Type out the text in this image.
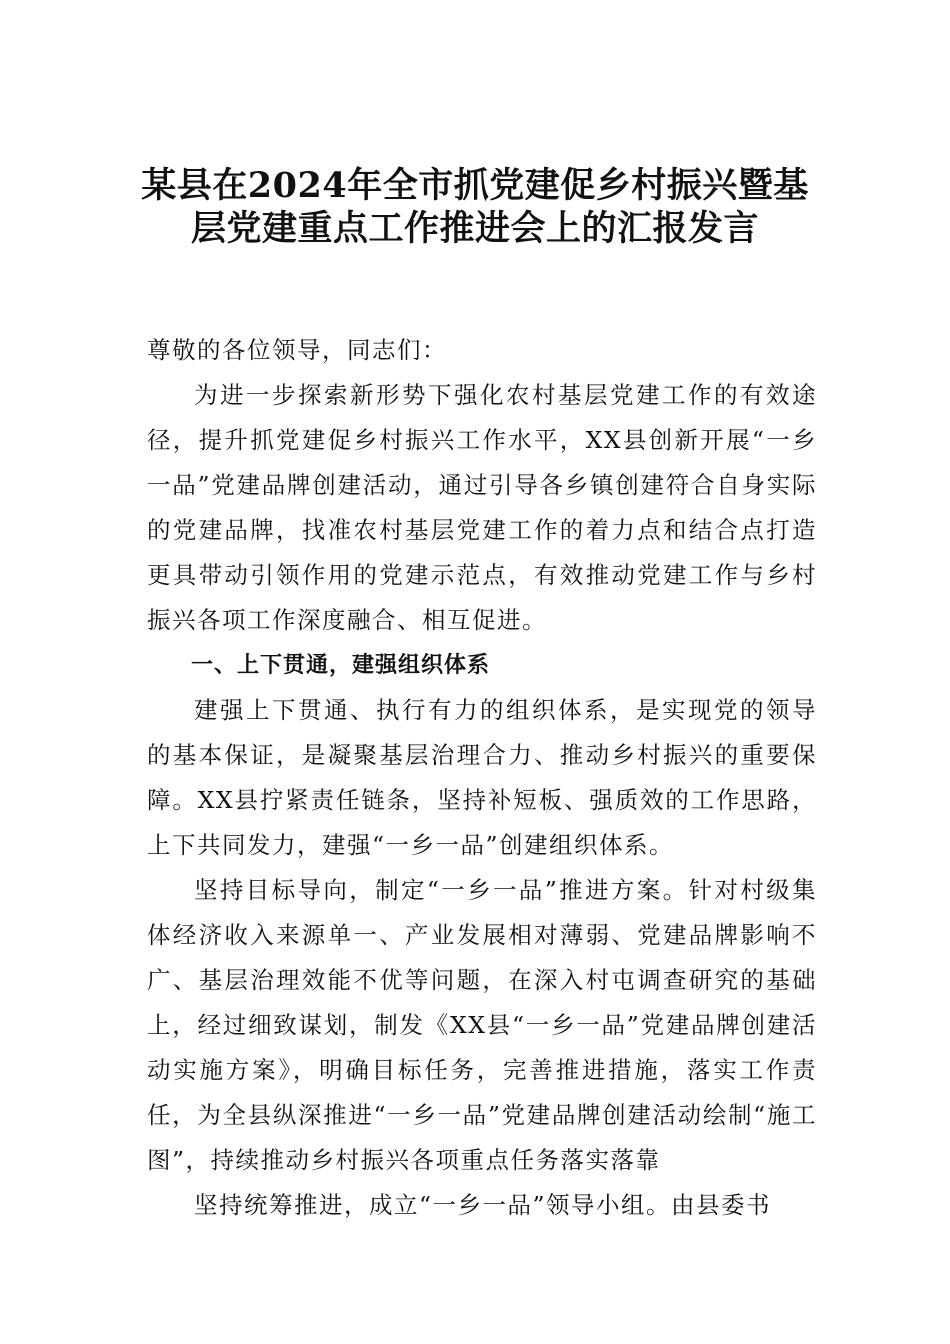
某县在2024年全市抓党建促乡村振兴暨基
层党建重点工作推进会上的汇报发言

尊敬的各位领导，同志们：

为进一步探索新形势下强化农村基层党建工作的有效途径，提升抓党建促乡村振兴工作水平，XX县创新开展“一乡一品”党建品牌创建活动，通过引导各乡镇创建符合自身实际的党建品牌，找准农村基层党建工作的着力点和结合点打造更具带动引领作用的党建示范点，有效推动党建工作与乡村振兴各项工作深度融合、相互促进。

一、上下贯通，建强组织体系

建强上下贯通、执行有力的组织体系，是实现党的领导的基本保证，是凝聚基层治理合力、推动乡村振兴的重要保障。XX县拧紧责任链条，坚持补短板、强质效的工作思路，上下共同发力，建强“一乡一品”创建组织体系。

坚持目标导向，制定“一乡一品”推进方案。针对村级集体经济收入来源单一、产业发展相对薄弱、党建品牌影响不广、基层治理效能不优等问题，在深入村屯调查研究的基础上，经过细致谋划，制发《XX县“一乡一品”党建品牌创建活动实施方案》，明确目标任务，完善推进措施，落实工作责任，为全县纵深推进“一乡一品”党建品牌创建活动绘制“施工图”，持续推动乡村振兴各项重点任务落实落靠

坚持统筹推进，成立“一乡一品”领导小组。由县委书
